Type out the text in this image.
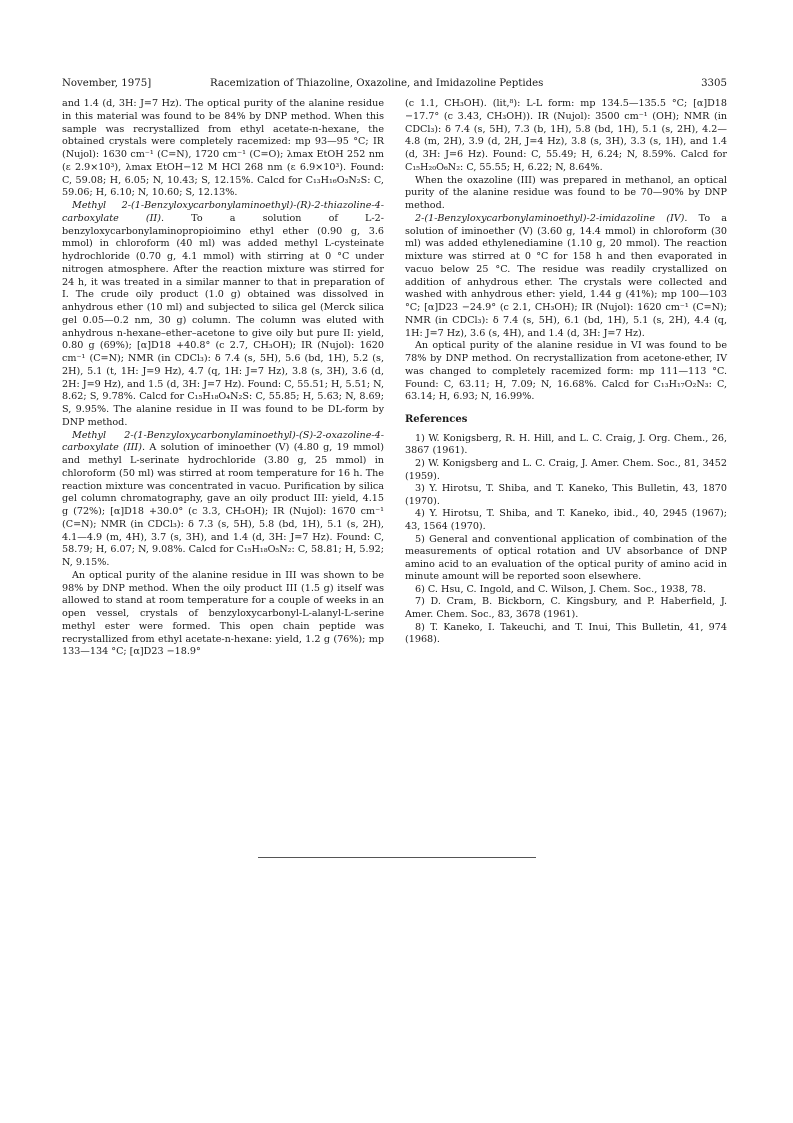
November, 1975]	Racemization of Thiazoline, Oxazoline, and Imidazoline Peptides	3305

and 1.4 (d, 3H: J=7 Hz). The optical purity of the alanine residue in this material was found to be 84% by DNP method. When this sample was recrystallized from ethyl acetate-n-hexane, the obtained crystals were completely racemized: mp 93—95 °C; IR (Nujol): 1630 cm⁻¹ (C=N), 1720 cm⁻¹ (C=O); λmax EtOH 252 nm (ε 2.9×10³), λmax EtOH−12 M HCl 268 nm (ε 6.9×10³). Found: C, 59.08; H, 6.05; N, 10.43; S, 12.15%. Calcd for C₁₃H₁₆O₃N₂S: C, 59.06; H, 6.10; N, 10.60; S, 12.13%.

Methyl 2-(1-Benzyloxycarbonylaminoethyl)-(R)-2-thiazoline-4-carboxylate (II).	To a solution of L-2-benzyloxycarbonylaminopropioimino ethyl ether (0.90 g, 3.6 mmol) in chloroform (40 ml) was added methyl L-cysteinate hydrochloride (0.70 g, 4.1 mmol) with stirring at 0 °C under nitrogen atmosphere. After the reaction mixture was stirred for 24 h, it was treated in a similar manner to that in preparation of I. The crude oily product (1.0 g) obtained was dissolved in anhydrous ether (10 ml) and subjected to silica gel (Merck silica gel 0.05—0.2 nm, 30 g) column. The column was eluted with anhydrous n-hexane–ether–acetone to give oily but pure II: yield, 0.80 g (69%); [α]D18 +40.8° (c 2.7, CH₃OH); IR (Nujol): 1620 cm⁻¹ (C=N); NMR (in CDCl₃): δ 7.4 (s, 5H), 5.6 (bd, 1H), 5.2 (s, 2H), 5.1 (t, 1H: J=9 Hz), 4.7 (q, 1H: J=7 Hz), 3.8 (s, 3H), 3.6 (d, 2H: J=9 Hz), and 1.5 (d, 3H: J=7 Hz). Found: C, 55.51; H, 5.51; N, 8.62; S, 9.78%. Calcd for C₁₅H₁₈O₄N₂S: C, 55.85; H, 5.63; N, 8.69; S, 9.95%. The alanine residue in II was found to be DL-form by DNP method.

Methyl 2-(1-Benzyloxycarbonylaminoethyl)-(S)-2-oxazoline-4-carboxylate (III). A solution of iminoether (V) (4.80 g, 19 mmol) and methyl L-serinate hydrochloride (3.80 g, 25 mmol) in chloroform (50 ml) was stirred at room temperature for 16 h. The reaction mixture was concentrated in vacuo. Purification by silica gel column chromatography, gave an oily product III: yield, 4.15 g (72%); [α]D18 +30.0° (c 3.3, CH₃OH); IR (Nujol): 1670 cm⁻¹ (C=N); NMR (in CDCl₃): δ 7.3 (s, 5H), 5.8 (bd, 1H), 5.1 (s, 2H), 4.1—4.9 (m, 4H), 3.7 (s, 3H), and 1.4 (d, 3H: J=7 Hz). Found: C, 58.79; H, 6.07; N, 9.08%. Calcd for C₁₅H₁₈O₅N₂: C, 58.81; H, 5.92; N, 9.15%.

An optical purity of the alanine residue in III was shown to be 98% by DNP method. When the oily product III (1.5 g) itself was allowed to stand at room temperature for a couple of weeks in an open vessel, crystals of benzyloxycarbonyl-L-alanyl-L-serine methyl ester were formed. This open chain peptide was recrystallized from ethyl acetate-n-hexane: yield, 1.2 g (76%); mp 133—134 °C; [α]D23 −18.9°

(c 1.1, CH₃OH). (lit,⁸): L-L form: mp 134.5—135.5 °C; [α]D18 −17.7° (c 3.43, CH₃OH)). IR (Nujol): 3500 cm⁻¹ (OH); NMR (in CDCl₃): δ 7.4 (s, 5H), 7.3 (b, 1H), 5.8 (bd, 1H), 5.1 (s, 2H), 4.2—4.8 (m, 2H), 3.9 (d, 2H, J=4 Hz), 3.8 (s, 3H), 3.3 (s, 1H), and 1.4 (d, 3H: J=6 Hz). Found: C, 55.49; H, 6.24; N, 8.59%. Calcd for C₁₅H₂₀O₆N₂: C, 55.55; H, 6.22; N, 8.64%.

When the oxazoline (III) was prepared in methanol, an optical purity of the alanine residue was found to be 70—90% by DNP method.

2-(1-Benzyloxycarbonylaminoethyl)-2-imidazoline (IV). To a solution of iminoether (V) (3.60 g, 14.4 mmol) in chloroform (30 ml) was added ethylenediamine (1.10 g, 20 mmol). The reaction mixture was stirred at 0 °C for 158 h and then evaporated in vacuo below 25 °C. The residue was readily crystallized on addition of anhydrous ether. The crystals were collected and washed with anhydrous ether: yield, 1.44 g (41%); mp 100—103 °C; [α]D23 −24.9° (c 2.1, CH₃OH); IR (Nujol): 1620 cm⁻¹ (C=N); NMR (in CDCl₃): δ 7.4 (s, 5H), 6.1 (bd, 1H), 5.1 (s, 2H), 4.4 (q, 1H: J=7 Hz), 3.6 (s, 4H), and 1.4 (d, 3H: J=7 Hz).

An optical purity of the alanine residue in VI was found to be 78% by DNP method. On recrystallization from acetone-ether, IV was changed to completely racemized form: mp 111—113 °C. Found: C, 63.11; H, 7.09; N, 16.68%. Calcd for C₁₃H₁₇O₂N₃: C, 63.14; H, 6.93; N, 16.99%.

References

1) W. Konigsberg, R. H. Hill, and L. C. Craig, J. Org. Chem., 26, 3867 (1961).

2) W. Konigsberg and L. C. Craig, J. Amer. Chem. Soc., 81, 3452 (1959).

3) Y. Hirotsu, T. Shiba, and T. Kaneko, This Bulletin, 43, 1870 (1970).

4) Y. Hirotsu, T. Shiba, and T. Kaneko, ibid., 40, 2945 (1967); 43, 1564 (1970).

5) General and conventional application of combination of the measurements of optical rotation and UV absorbance of DNP amino acid to an evaluation of the optical purity of amino acid in minute amount will be reported soon elsewhere.

6) C. Hsu, C. Ingold, and C. Wilson, J. Chem. Soc., 1938, 78.

7) D. Cram, B. Bickborn, C. Kingsbury, and P. Haberfield, J. Amer. Chem. Soc., 83, 3678 (1961).

8) T. Kaneko, I. Takeuchi, and T. Inui, This Bulletin, 41, 974 (1968).
